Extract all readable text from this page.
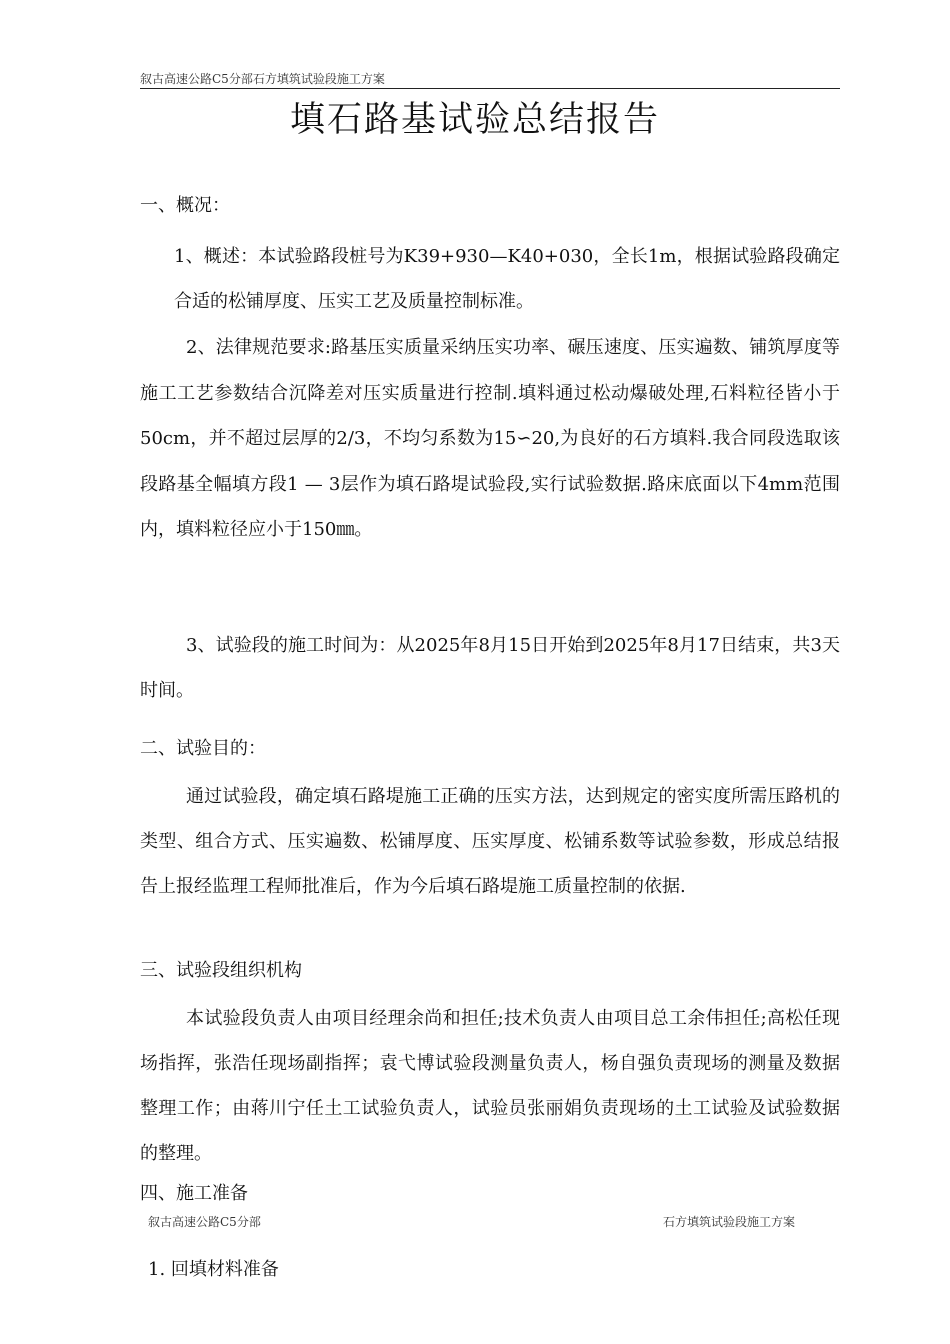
叙古高速公路C5分部石方填筑试验段施工方案
填石路基试验总结报告
一、概况：
1、概述：本试验路段桩号为K39+930—K40+030，全长1m，根据试验路段确定合适的松铺厚度、压实工艺及质量控制标准。
2、法律规范要求:路基压实质量采纳压实功率、碾压速度、压实遍数、铺筑厚度等施工工艺参数结合沉降差对压实质量进行控制.填料通过松动爆破处理,石料粒径皆小于50cm，并不超过层厚的2/3，不均匀系数为15∽20,为良好的石方填料.我合同段选取该段路基全幅填方段1 — 3层作为填石路堤试验段,实行试验数据.路床底面以下4mm范围内，填料粒径应小于150㎜。
3、试验段的施工时间为：从2025年8月15日开始到2025年8月17日结束，共3天时间。
二、试验目的：
通过试验段，确定填石路堤施工正确的压实方法，达到规定的密实度所需压路机的类型、组合方式、压实遍数、松铺厚度、压实厚度、松铺系数等试验参数，形成总结报告上报经监理工程师批准后，作为今后填石路堤施工质量控制的依据.
三、试验段组织机构
本试验段负责人由项目经理余尚和担任;技术负责人由项目总工余伟担任;高松任现场指挥，张浩任现场副指挥；袁弋博试验段测量负责人，杨自强负责现场的测量及数据整理工作；由蒋川宁任土工试验负责人，试验员张丽娟负责现场的土工试验及试验数据的整理。
四、施工准备
叙古高速公路C5分部	石方填筑试验段施工方案
1. 回填材料准备
